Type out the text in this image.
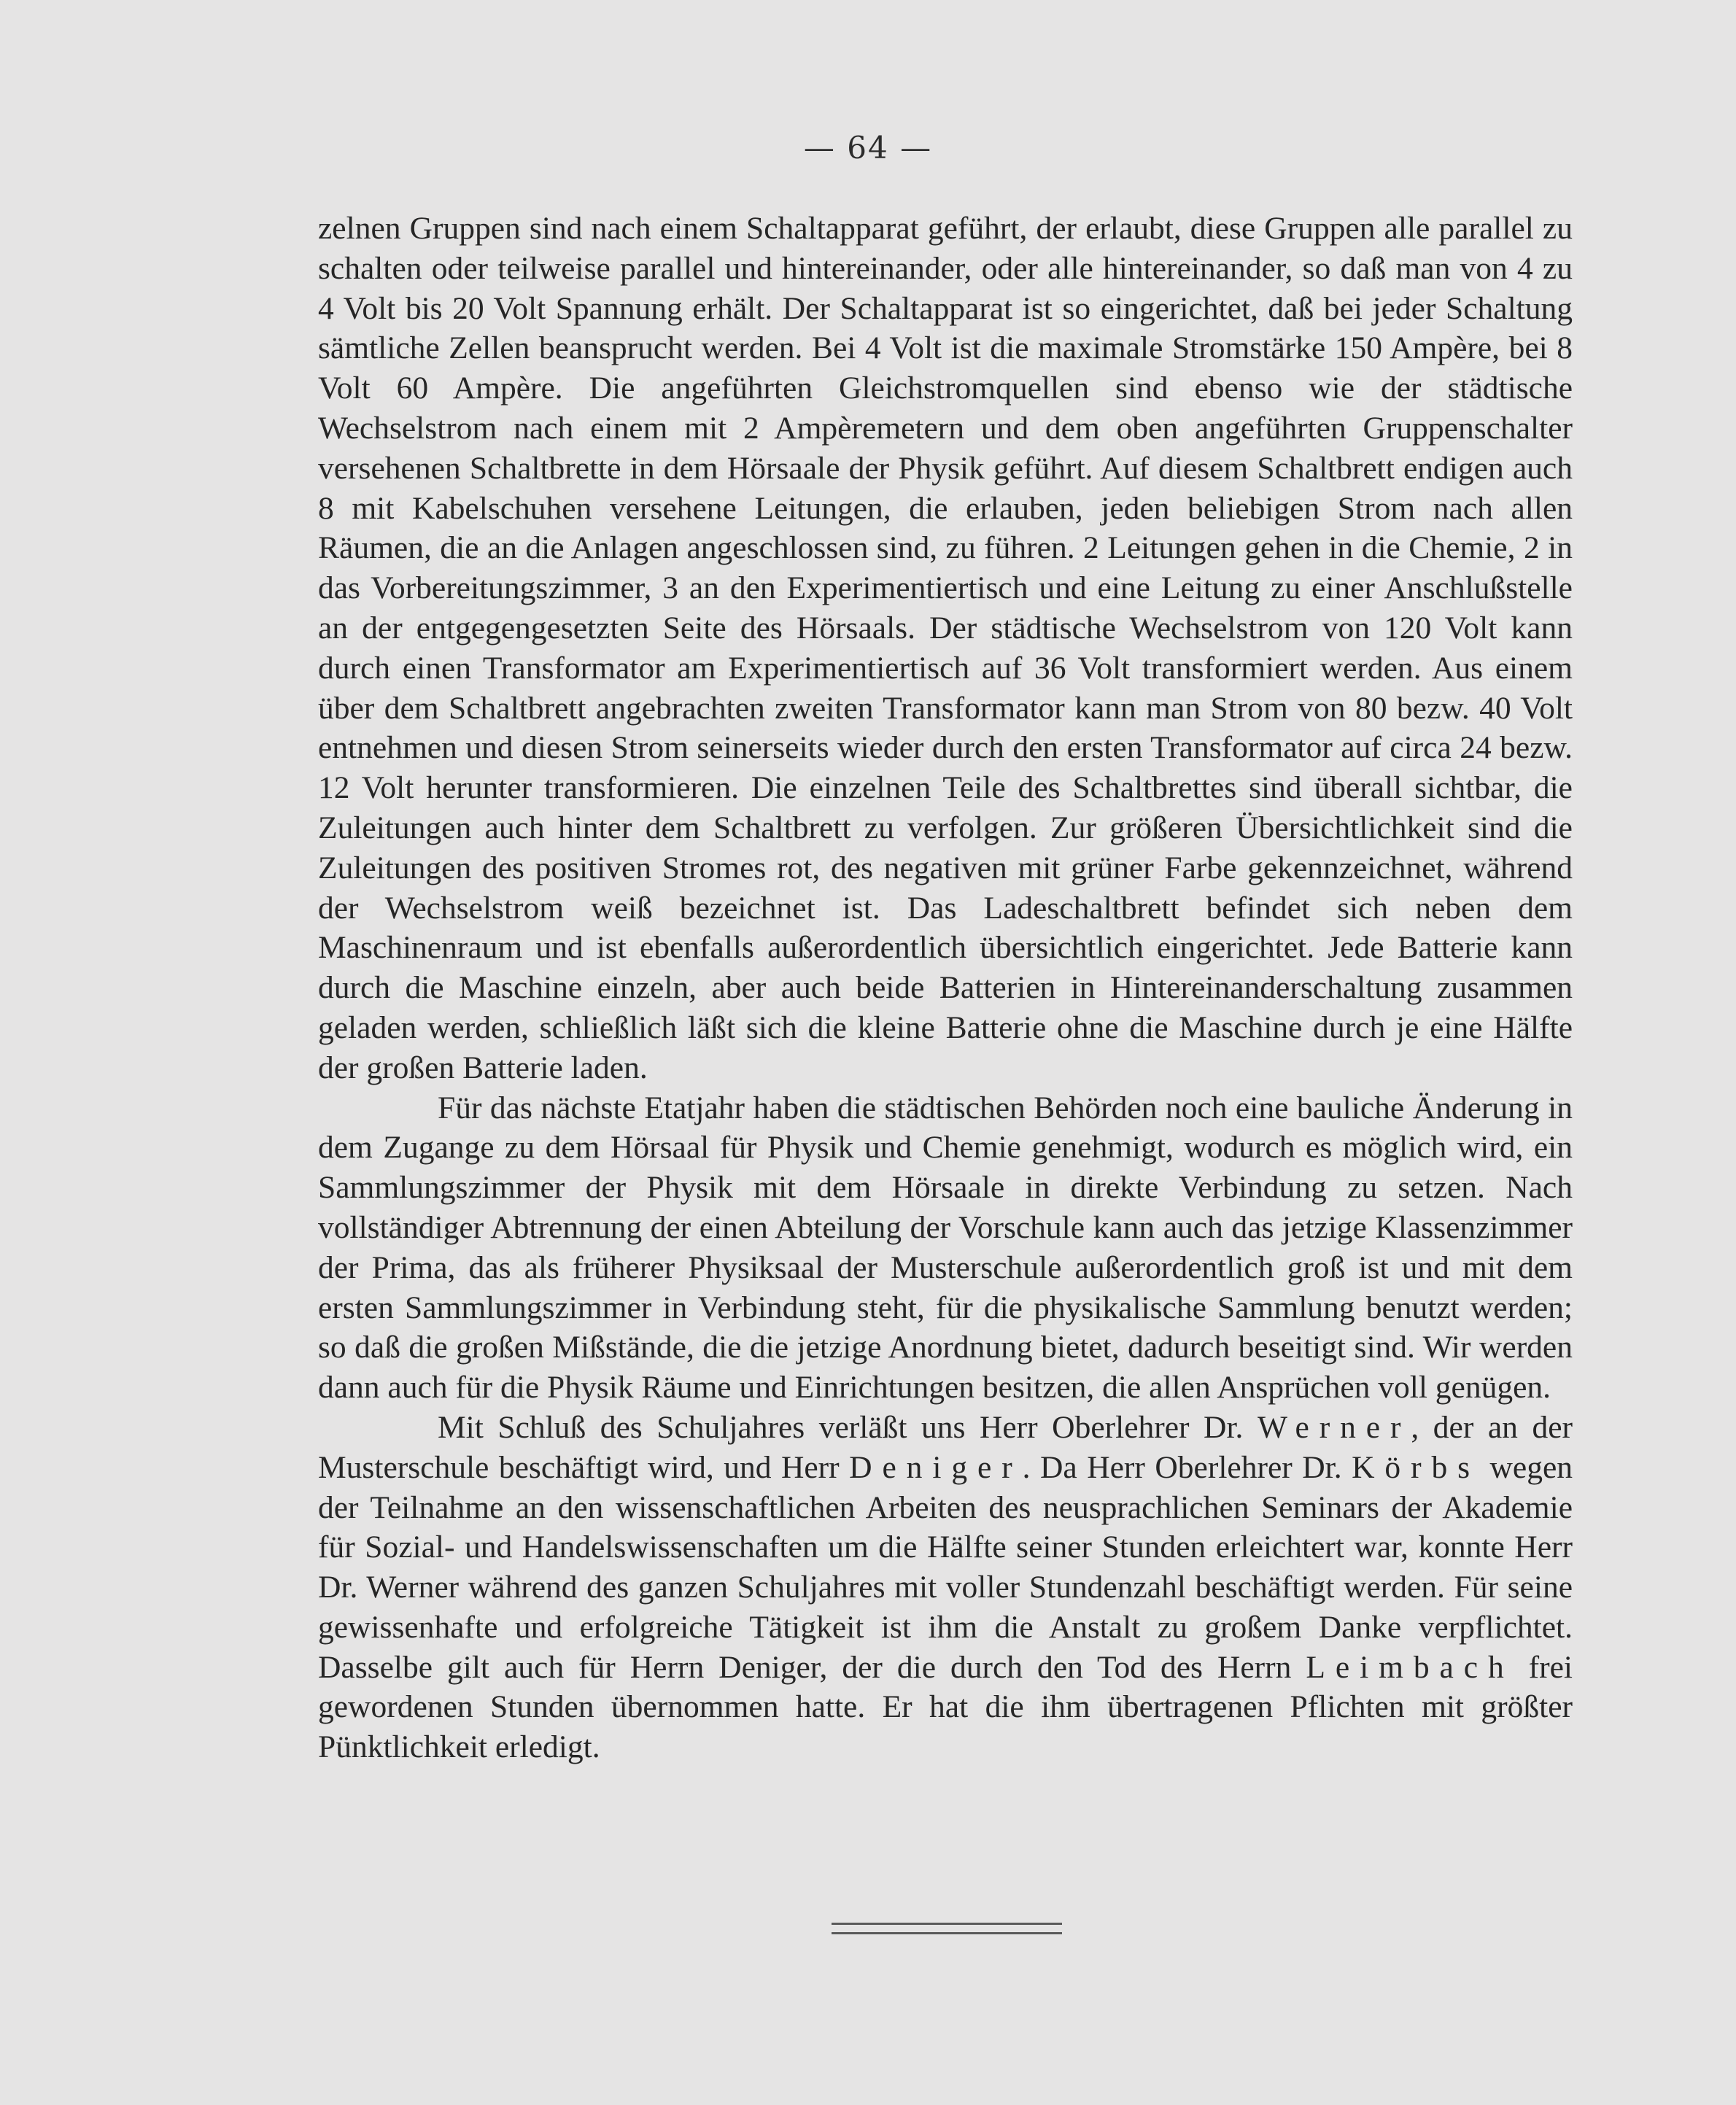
— 64 —

zelnen Gruppen sind nach einem Schaltapparat geführt, der erlaubt, diese Gruppen alle parallel zu schalten oder teilweise parallel und hintereinander, oder alle hintereinander, so daß man von 4 zu 4 Volt bis 20 Volt Spannung erhält. Der Schaltapparat ist so eingerichtet, daß bei jeder Schaltung sämtliche Zellen beansprucht werden. Bei 4 Volt ist die maximale Stromstärke 150 Ampère, bei 8 Volt 60 Ampère. Die angeführten Gleichstromquellen sind ebenso wie der städtische Wechselstrom nach einem mit 2 Ampèremetern und dem oben angeführten Gruppenschalter versehenen Schaltbrette in dem Hörsaale der Physik geführt. Auf diesem Schaltbrett endigen auch 8 mit Kabelschuhen versehene Leitungen, die erlauben, jeden beliebigen Strom nach allen Räumen, die an die Anlagen angeschlossen sind, zu führen. 2 Leitungen gehen in die Chemie, 2 in das Vorbereitungszimmer, 3 an den Experimentiertisch und eine Leitung zu einer Anschlußstelle an der entgegengesetzten Seite des Hörsaals. Der städtische Wechselstrom von 120 Volt kann durch einen Transformator am Experimentiertisch auf 36 Volt transformiert werden. Aus einem über dem Schaltbrett angebrachten zweiten Transformator kann man Strom von 80 bezw. 40 Volt entnehmen und diesen Strom seinerseits wieder durch den ersten Transformator auf circa 24 bezw. 12 Volt herunter transformieren. Die einzelnen Teile des Schaltbrettes sind überall sichtbar, die Zuleitungen auch hinter dem Schaltbrett zu verfolgen. Zur größeren Übersichtlichkeit sind die Zuleitungen des positiven Stromes rot, des negativen mit grüner Farbe gekennzeichnet, während der Wechselstrom weiß bezeichnet ist. Das Ladeschaltbrett befindet sich neben dem Maschinenraum und ist ebenfalls außerordentlich übersichtlich eingerichtet. Jede Batterie kann durch die Maschine einzeln, aber auch beide Batterien in Hintereinanderschaltung zusammen geladen werden, schließlich läßt sich die kleine Batterie ohne die Maschine durch je eine Hälfte der großen Batterie laden.

Für das nächste Etatjahr haben die städtischen Behörden noch eine bauliche Änderung in dem Zugange zu dem Hörsaal für Physik und Chemie genehmigt, wodurch es möglich wird, ein Sammlungszimmer der Physik mit dem Hörsaale in direkte Verbindung zu setzen. Nach vollständiger Abtrennung der einen Abteilung der Vorschule kann auch das jetzige Klassenzimmer der Prima, das als früherer Physiksaal der Musterschule außerordentlich groß ist und mit dem ersten Sammlungszimmer in Verbindung steht, für die physikalische Sammlung benutzt werden; so daß die großen Mißstände, die die jetzige Anordnung bietet, dadurch beseitigt sind. Wir werden dann auch für die Physik Räume und Einrichtungen besitzen, die allen Ansprüchen voll genügen.

Mit Schluß des Schuljahres verläßt uns Herr Oberlehrer Dr. Werner, der an der Musterschule beschäftigt wird, und Herr Deniger. Da Herr Oberlehrer Dr. Körbs wegen der Teilnahme an den wissenschaftlichen Arbeiten des neusprachlichen Seminars der Akademie für Sozial- und Handelswissenschaften um die Hälfte seiner Stunden erleichtert war, konnte Herr Dr. Werner während des ganzen Schuljahres mit voller Stundenzahl beschäftigt werden. Für seine gewissenhafte und erfolgreiche Tätigkeit ist ihm die Anstalt zu großem Danke verpflichtet. Dasselbe gilt auch für Herrn Deniger, der die durch den Tod des Herrn Leimbach frei gewordenen Stunden übernommen hatte. Er hat die ihm übertragenen Pflichten mit größter Pünktlichkeit erledigt.
